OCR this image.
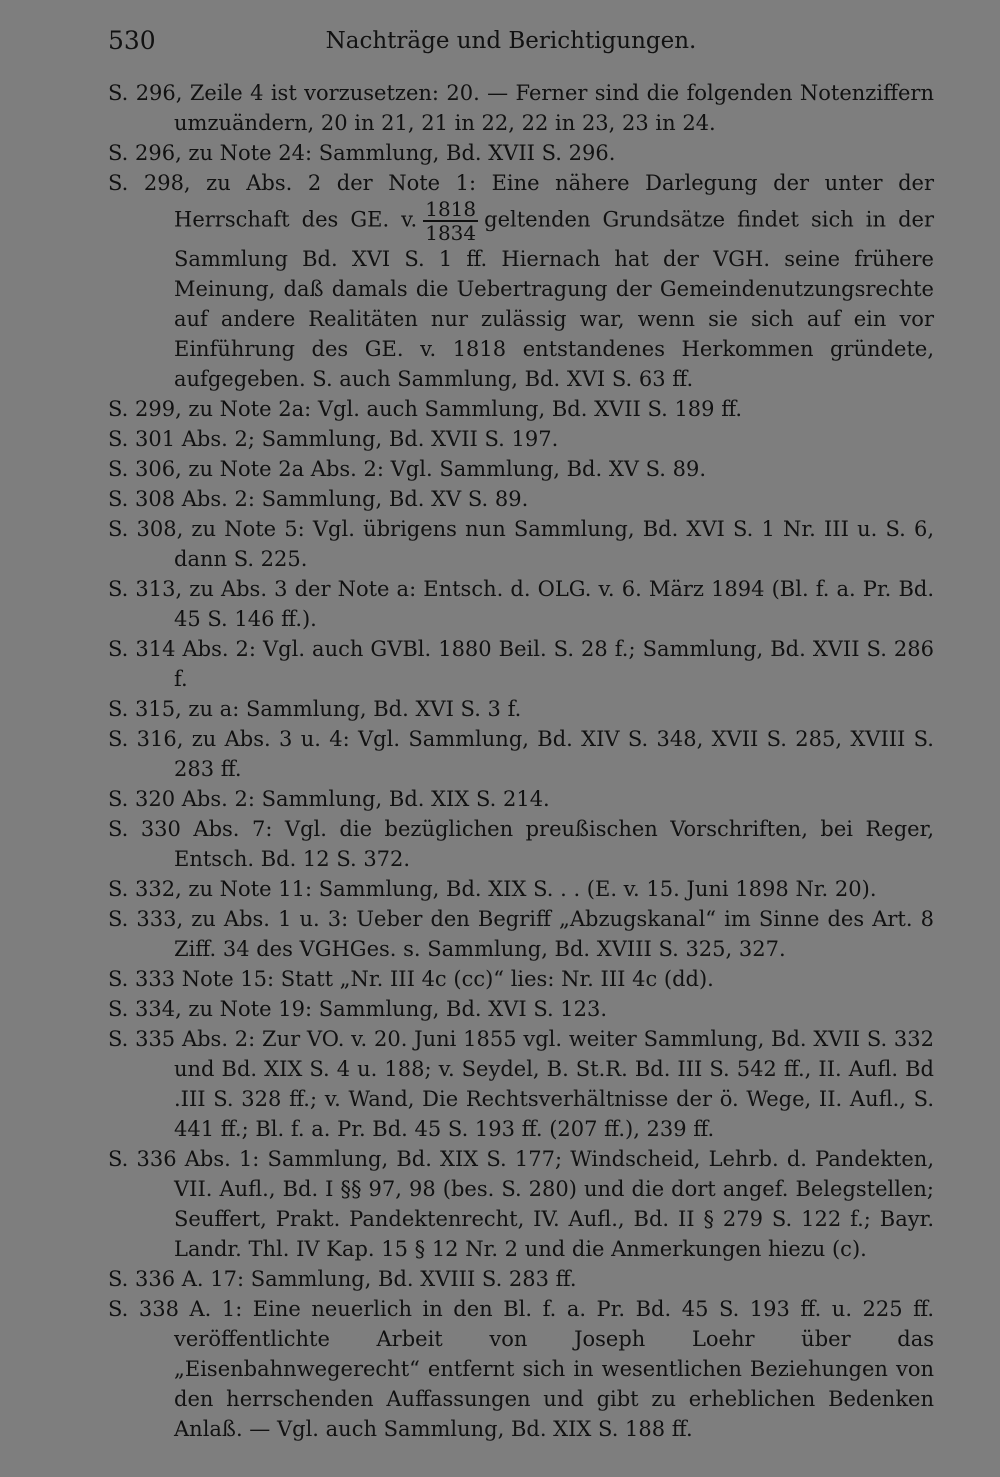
530	Nachträge und Berichtigungen.

S. 296, Zeile 4 ist vorzusetzen: 20. — Ferner sind die folgenden Notenziffern umzuändern, 20 in 21, 21 in 22, 22 in 23, 23 in 24.

S. 296, zu Note 24: Sammlung, Bd. XVII S. 296.

S. 298, zu Abs. 2 der Note 1: Eine nähere Darlegung der unter der Herrschaft des GE. v. $\frac{1818}{1834}$ geltenden Grundsätze findet sich in der Sammlung Bd. XVI S. 1 ff. Hiernach hat der VGH. seine frühere Meinung, daß damals die Uebertragung der Gemeindenutzungsrechte auf andere Realitäten nur zulässig war, wenn sie sich auf ein vor Einführung des GE. v. 1818 entstandenes Herkommen gründete, aufgegeben. S. auch Sammlung, Bd. XVI S. 63 ff.

S. 299, zu Note 2a: Vgl. auch Sammlung, Bd. XVII S. 189 ff.

S. 301 Abs. 2; Sammlung, Bd. XVII S. 197.

S. 306, zu Note 2a Abs. 2: Vgl. Sammlung, Bd. XV S. 89.

S. 308 Abs. 2: Sammlung, Bd. XV S. 89.

S. 308, zu Note 5: Vgl. übrigens nun Sammlung, Bd. XVI S. 1 Nr. III u. S. 6, dann S. 225.

S. 313, zu Abs. 3 der Note a: Entsch. d. OLG. v. 6. März 1894 (Bl. f. a. Pr. Bd. 45 S. 146 ff.).

S. 314 Abs. 2: Vgl. auch GVBl. 1880 Beil. S. 28 f.; Sammlung, Bd. XVII S. 286 f.

S. 315, zu a: Sammlung, Bd. XVI S. 3 f.

S. 316, zu Abs. 3 u. 4: Vgl. Sammlung, Bd. XIV S. 348, XVII S. 285, XVIII S. 283 ff.

S. 320 Abs. 2: Sammlung, Bd. XIX S. 214.

S. 330 Abs. 7: Vgl. die bezüglichen preußischen Vorschriften, bei Reger, Entsch. Bd. 12 S. 372.

S. 332, zu Note 11: Sammlung, Bd. XIX S. . . (E. v. 15. Juni 1898 Nr. 20).

S. 333, zu Abs. 1 u. 3: Ueber den Begriff „Abzugskanal“ im Sinne des Art. 8 Ziff. 34 des VGHGes. s. Sammlung, Bd. XVIII S. 325, 327.

S. 333 Note 15: Statt „Nr. III 4c (cc)“ lies: Nr. III 4c (dd).

S. 334, zu Note 19: Sammlung, Bd. XVI S. 123.

S. 335 Abs. 2: Zur VO. v. 20. Juni 1855 vgl. weiter Sammlung, Bd. XVII S. 332 und Bd. XIX S. 4 u. 188; v. Seydel, B. St.R. Bd. III S. 542 ff., II. Aufl. Bd .III S. 328 ff.; v. Wand, Die Rechtsverhältnisse der ö. Wege, II. Aufl., S. 441 ff.; Bl. f. a. Pr. Bd. 45 S. 193 ff. (207 ff.), 239 ff.

S. 336 Abs. 1: Sammlung, Bd. XIX S. 177; Windscheid, Lehrb. d. Pandekten, VII. Aufl., Bd. I §§ 97, 98 (bes. S. 280) und die dort angef. Belegstellen; Seuffert, Prakt. Pandektenrecht, IV. Aufl., Bd. II § 279 S. 122 f.; Bayr. Landr. Thl. IV Kap. 15 § 12 Nr. 2 und die Anmerkungen hiezu (c).

S. 336 A. 17: Sammlung, Bd. XVIII S. 283 ff.

S. 338 A. 1: Eine neuerlich in den Bl. f. a. Pr. Bd. 45 S. 193 ff. u. 225 ff. veröffentlichte Arbeit von Joseph Loehr über das „Eisenbahnwegerecht“ entfernt sich in wesentlichen Beziehungen von den herrschenden Auffassungen und gibt zu erheblichen Bedenken Anlaß. — Vgl. auch Sammlung, Bd. XIX S. 188 ff.
